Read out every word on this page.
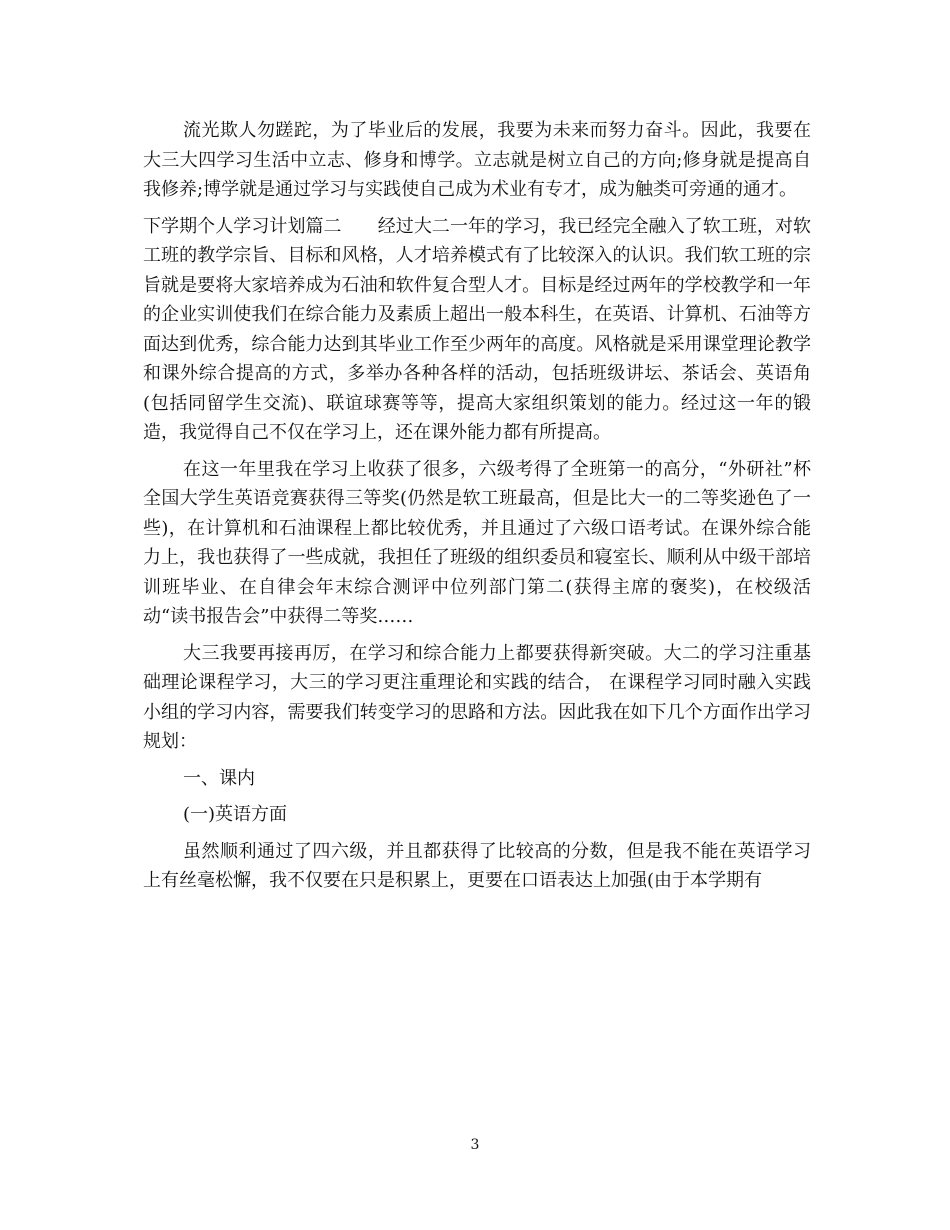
流光欺人勿蹉跎，为了毕业后的发展，我要为未来而努力奋斗。因此，我要在大三大四学习生活中立志、修身和博学。立志就是树立自己的方向;修身就是提高自我修养;博学就是通过学习与实践使自己成为术业有专才，成为触类可旁通的通才。

下学期个人学习计划篇二　　经过大二一年的学习，我已经完全融入了软工班，对软工班的教学宗旨、目标和风格，人才培养模式有了比较深入的认识。我们软工班的宗旨就是要将大家培养成为石油和软件复合型人才。目标是经过两年的学校教学和一年的企业实训使我们在综合能力及素质上超出一般本科生，在英语、计算机、石油等方面达到优秀，综合能力达到其毕业工作至少两年的高度。风格就是采用课堂理论教学和课外综合提高的方式，多举办各种各样的活动，包括班级讲坛、茶话会、英语角(包括同留学生交流)、联谊球赛等等，提高大家组织策划的能力。经过这一年的锻造，我觉得自己不仅在学习上，还在课外能力都有所提高。

在这一年里我在学习上收获了很多，六级考得了全班第一的高分，“外研社”杯全国大学生英语竞赛获得三等奖(仍然是软工班最高，但是比大一的二等奖逊色了一些)，在计算机和石油课程上都比较优秀，并且通过了六级口语考试。在课外综合能力上，我也获得了一些成就，我担任了班级的组织委员和寝室长、顺利从中级干部培训班毕业、在自律会年末综合测评中位列部门第二(获得主席的褒奖)，在校级活动“读书报告会”中获得二等奖……

大三我要再接再厉，在学习和综合能力上都要获得新突破。大二的学习注重基础理论课程学习，大三的学习更注重理论和实践的结合， 在课程学习同时融入实践小组的学习内容，需要我们转变学习的思路和方法。因此我在如下几个方面作出学习规划：

一、课内

(一)英语方面

虽然顺利通过了四六级，并且都获得了比较高的分数，但是我不能在英语学习上有丝毫松懈，我不仅要在只是积累上，更要在口语表达上加强(由于本学期有

3
